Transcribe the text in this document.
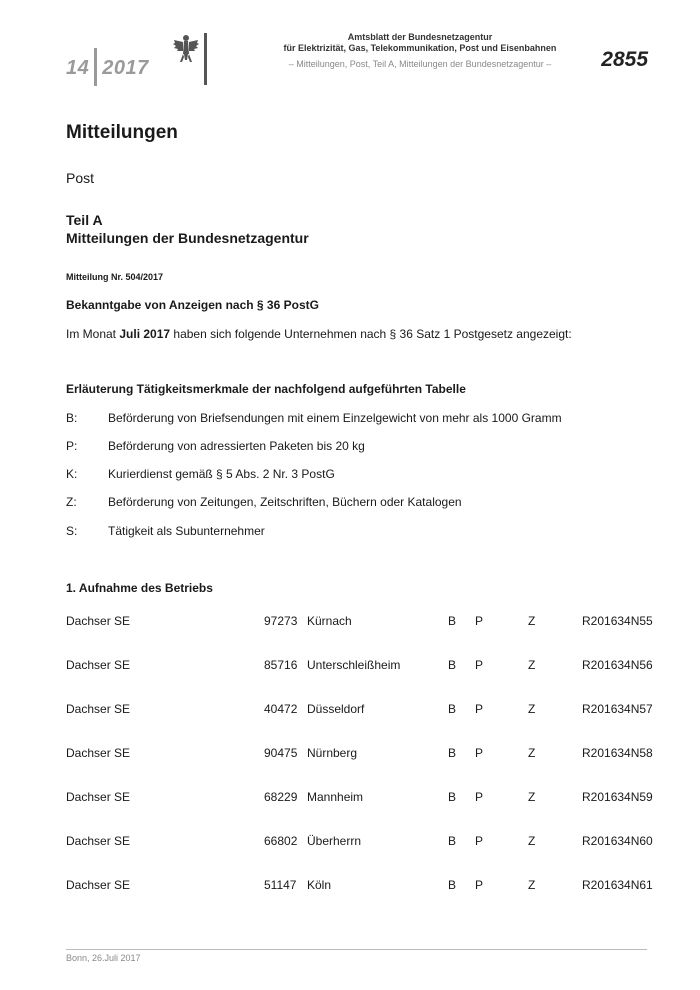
14 2017
Amtsblatt der Bundesnetzagentur
für Elektrizität, Gas, Telekommunikation, Post und Eisenbahnen
– Mitteilungen, Post, Teil A, Mitteilungen der Bundesnetzagentur –	2855
Mitteilungen
Post
Teil A
Mitteilungen der Bundesnetzagentur
Mitteilung Nr. 504/2017
Bekanntgabe von Anzeigen nach § 36 PostG
Im Monat Juli 2017 haben sich folgende Unternehmen nach § 36 Satz 1 Postgesetz angezeigt:
Erläuterung Tätigkeitsmerkmale der nachfolgend aufgeführten Tabelle
B:	Beförderung von Briefsendungen mit einem Einzelgewicht von mehr als 1000 Gramm
P:	Beförderung von adressierten Paketen bis 20 kg
K:	Kurierdienst gemäß § 5 Abs. 2 Nr. 3 PostG
Z:	Beförderung von Zeitungen, Zeitschriften, Büchern oder Katalogen
S:	Tätigkeit als Subunternehmer
1. Aufnahme des Betriebs
Dachser SE	97273 Kürnach	B P	Z	R201634N55
Dachser SE	85716 Unterschleißheim	B P	Z	R201634N56
Dachser SE	40472 Düsseldorf	B P	Z	R201634N57
Dachser SE	90475 Nürnberg	B P	Z	R201634N58
Dachser SE	68229 Mannheim	B P	Z	R201634N59
Dachser SE	66802 Überherrn	B P	Z	R201634N60
Dachser SE	51147 Köln	B P	Z	R201634N61
Bonn, 26.Juli 2017
